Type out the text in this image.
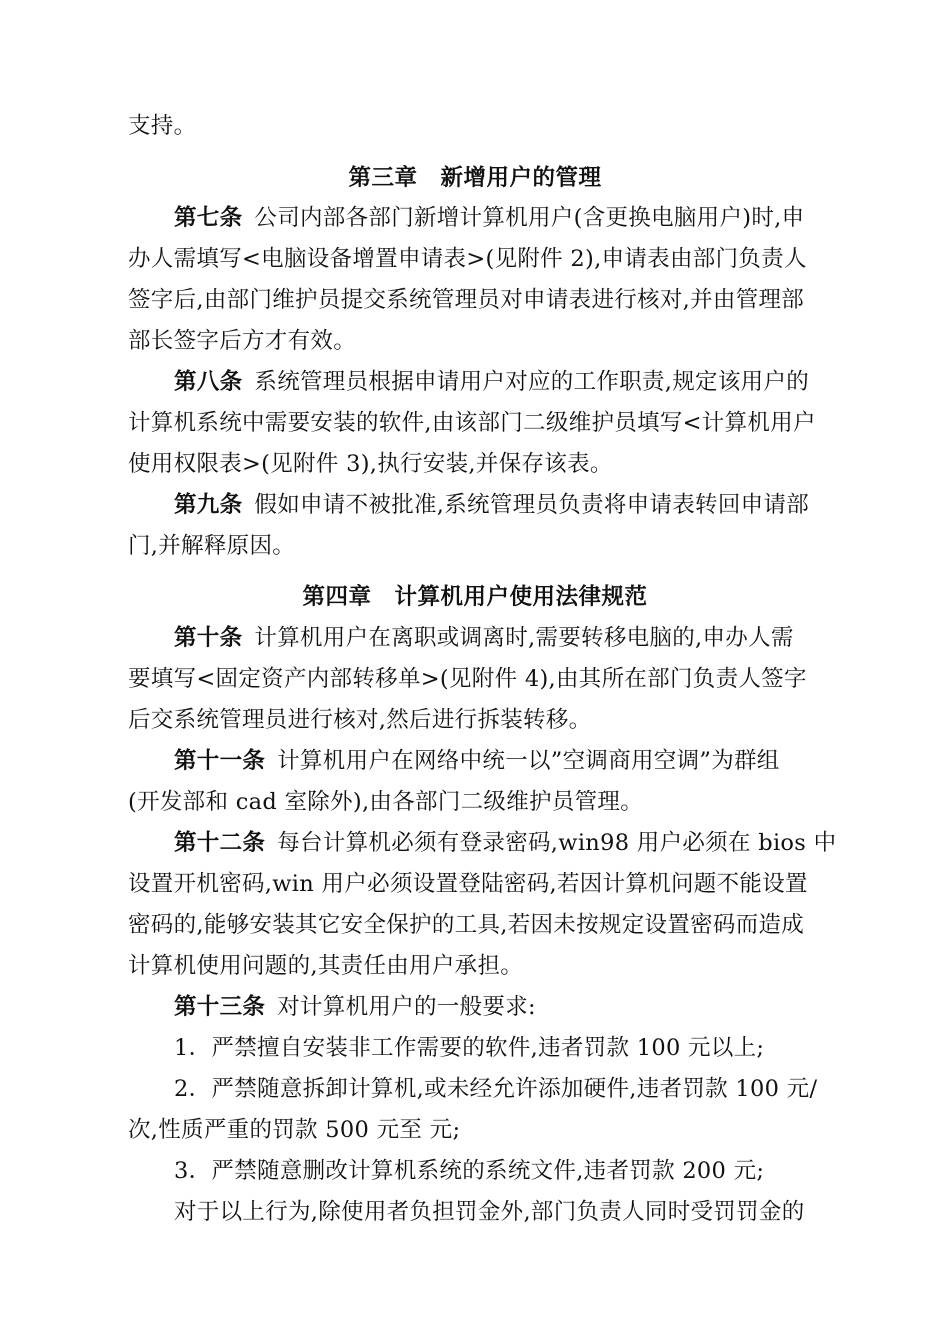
支持。
第三章　新增用户的管理
第七条 公司内部各部门新增计算机用户(含更换电脑用户)时,申
办人需填写<电脑设备增置申请表>(见附件 2),申请表由部门负责人
签字后,由部门维护员提交系统管理员对申请表进行核对,并由管理部
部长签字后方才有效。
第八条 系统管理员根据申请用户对应的工作职责,规定该用户的
计算机系统中需要安装的软件,由该部门二级维护员填写<计算机用户
使用权限表>(见附件 3),执行安装,并保存该表。
第九条 假如申请不被批准,系统管理员负责将申请表转回申请部
门,并解释原因。
第四章　计算机用户使用法律规范
第十条 计算机用户在离职或调离时,需要转移电脑的,申办人需
要填写<固定资产内部转移单>(见附件 4),由其所在部门负责人签字
后交系统管理员进行核对,然后进行拆装转移。
第十一条 计算机用户在网络中统一以”空调商用空调”为群组
(开发部和 cad 室除外),由各部门二级维护员管理。
第十二条 每台计算机必须有登录密码,win98 用户必须在 bios 中
设置开机密码,win 用户必须设置登陆密码,若因计算机问题不能设置
密码的,能够安装其它安全保护的工具,若因未按规定设置密码而造成
计算机使用问题的,其责任由用户承担。
第十三条 对计算机用户的一般要求:
1．严禁擅自安装非工作需要的软件,违者罚款 100 元以上;
2．严禁随意拆卸计算机,或未经允许添加硬件,违者罚款 100 元/
次,性质严重的罚款 500 元至 元;
3．严禁随意删改计算机系统的系统文件,违者罚款 200 元;
对于以上行为,除使用者负担罚金外,部门负责人同时受罚罚金的
